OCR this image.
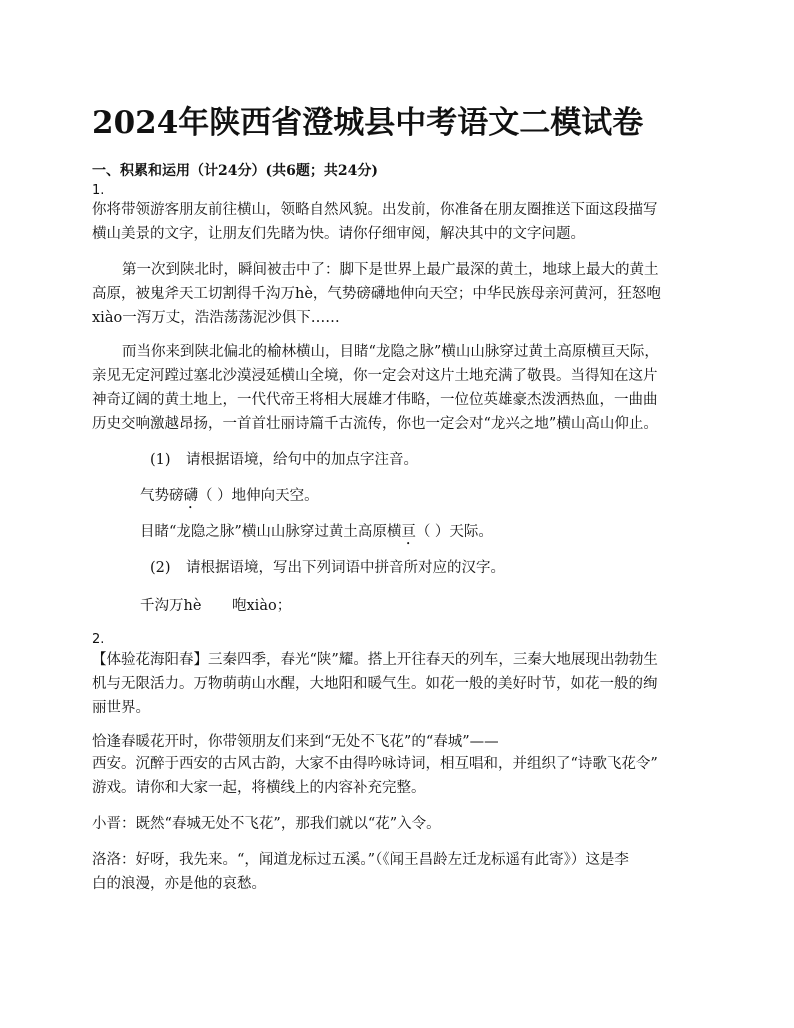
2024年陕西省澄城县中考语文二模试卷
一、积累和运用（计24分）(共6题；共24分)
1.
你将带领游客朋友前往横山，领略自然风貌。出发前，你准备在朋友圈推送下面这段描写
横山美景的文字，让朋友们先睹为快。请你仔细审阅，解决其中的文字问题。
第一次到陕北时，瞬间被击中了：脚下是世界上最广最深的黄土，地球上最大的黄土
高原，被鬼斧天工切割得千沟万hè，气势磅礴地伸向天空；中华民族母亲河黄河，狂怒咆
xiào一泻万丈，浩浩荡荡泥沙俱下……
而当你来到陕北偏北的榆林横山，目睹“龙隐之脉”横山山脉穿过黄土高原横亘天际，
亲见无定河蹚过塞北沙漠浸延横山全境，你一定会对这片土地充满了敬畏。当得知在这片
神奇辽阔的黄土地上，一代代帝王将相大展雄才伟略，一位位英雄豪杰泼洒热血，一曲曲
历史交响激越昂扬，一首首壮丽诗篇千古流传，你也一定会对“龙兴之地”横山高山仰止。
(1) 请根据语境，给句中的加点字注音。
气势磅礴（ ）地伸向天空。
目睹“龙隐之脉”横山山脉穿过黄土高原横亘（ ）天际。
(2) 请根据语境，写出下列词语中拼音所对应的汉字。
千沟万hè 咆xiào；
2.
【体验花海阳春】三秦四季，春光“陕”耀。搭上开往春天的列车，三秦大地展现出勃勃生
机与无限活力。万物萌萌山水醒，大地阳和暖气生。如花一般的美好时节，如花一般的绚
丽世界。
恰逢春暖花开时，你带领朋友们来到“无处不飞花”的“春城”——
西安。沉醉于西安的古风古韵，大家不由得吟咏诗词，相互唱和，并组织了“诗歌飞花令”
游戏。请你和大家一起，将横线上的内容补充完整。
小晋：既然“春城无处不飞花”，那我们就以“花”入令。
洛洛：好呀，我先来。“，闻道龙标过五溪。”（《闻王昌龄左迁龙标遥有此寄》）这是李
白的浪漫，亦是他的哀愁。
